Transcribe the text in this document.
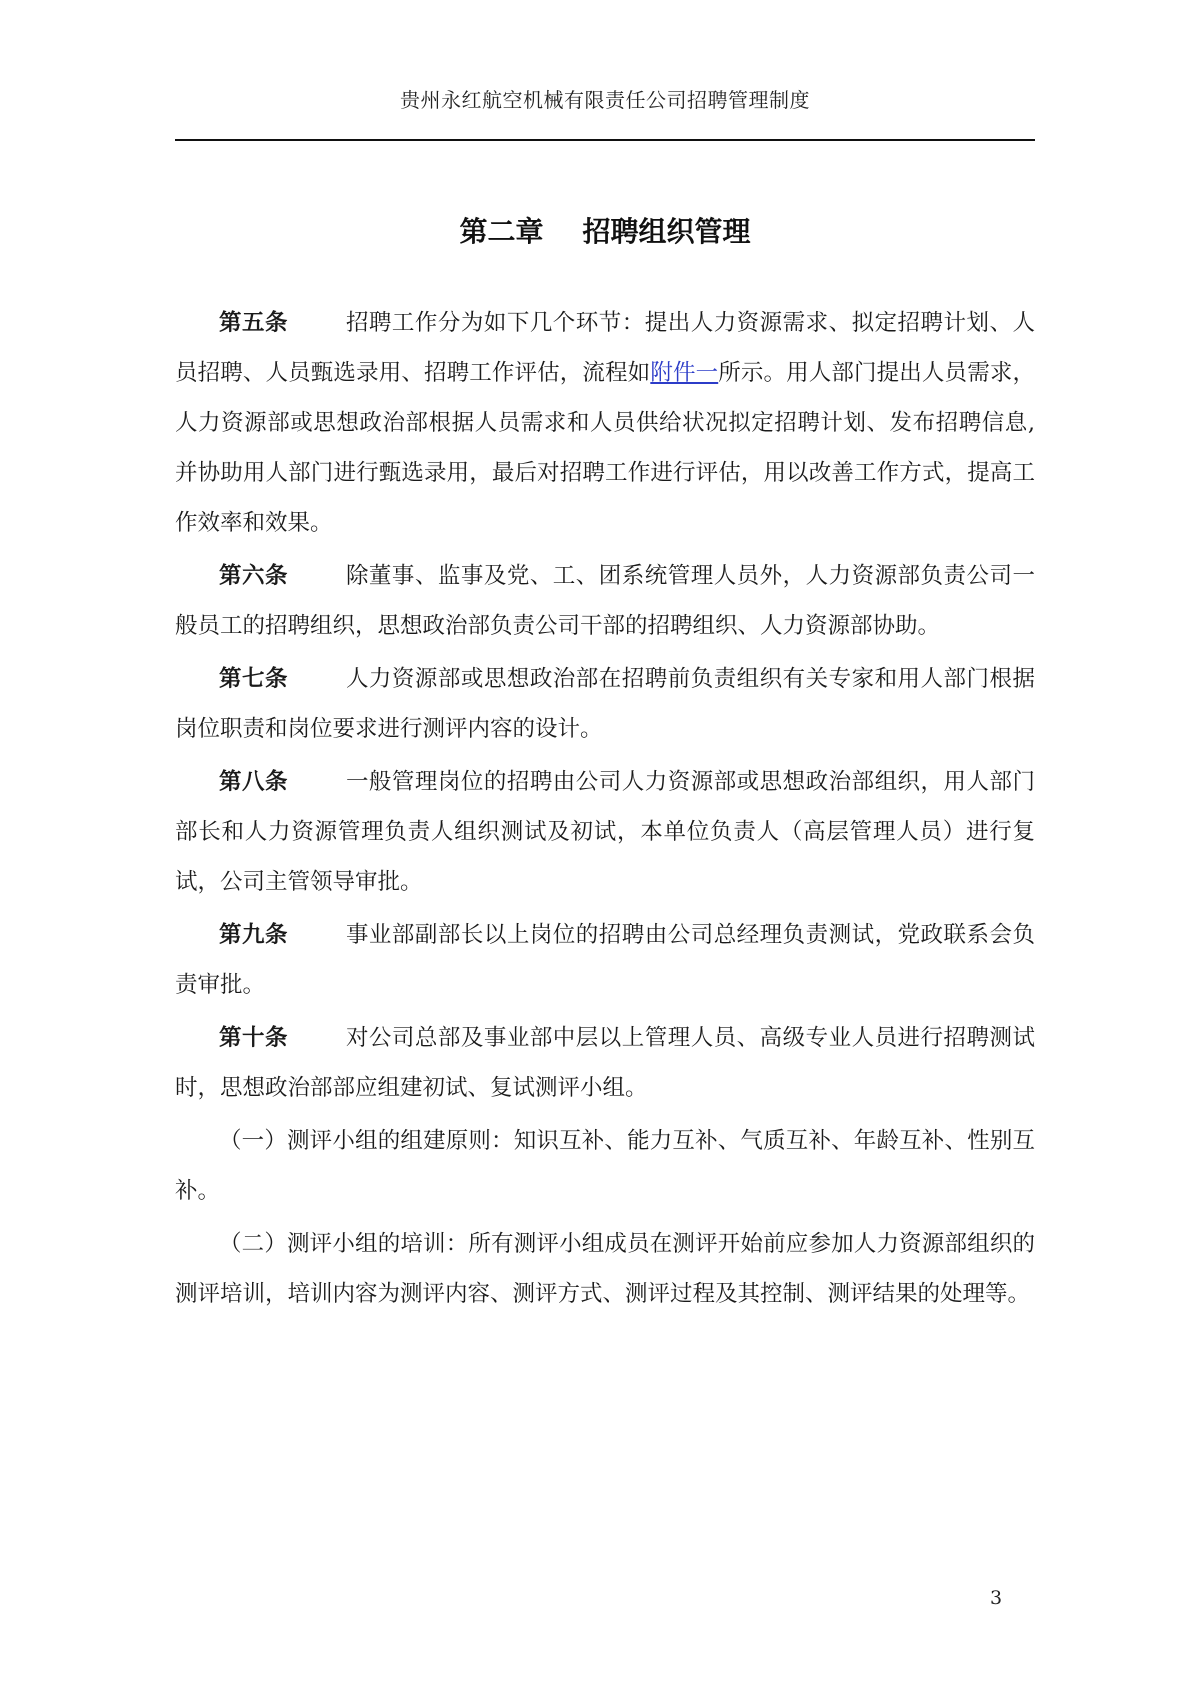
贵州永红航空机械有限责任公司招聘管理制度
第二章    招聘组织管理

第五条	招聘工作分为如下几个环节：提出人力资源需求、拟定招聘计划、人员招聘、人员甄选录用、招聘工作评估，流程如附件一所示。用人部门提出人员需求，人力资源部或思想政治部根据人员需求和人员供给状况拟定招聘计划、发布招聘信息,并协助用人部门进行甄选录用，最后对招聘工作进行评估，用以改善工作方式，提高工作效率和效果。

第六条	除董事、监事及党、工、团系统管理人员外，人力资源部负责公司一般员工的招聘组织，思想政治部负责公司干部的招聘组织、人力资源部协助。

第七条	人力资源部或思想政治部在招聘前负责组织有关专家和用人部门根据岗位职责和岗位要求进行测评内容的设计。

第八条	一般管理岗位的招聘由公司人力资源部或思想政治部组织，用人部门部长和人力资源管理负责人组织测试及初试，本单位负责人（高层管理人员）进行复试，公司主管领导审批。

第九条	事业部副部长以上岗位的招聘由公司总经理负责测试，党政联系会负责审批。

第十条	对公司总部及事业部中层以上管理人员、高级专业人员进行招聘测试时，思想政治部部应组建初试、复试测评小组。

（一）测评小组的组建原则：知识互补、能力互补、气质互补、年龄互补、性别互补。

（二）测评小组的培训：所有测评小组成员在测评开始前应参加人力资源部组织的测评培训，培训内容为测评内容、测评方式、测评过程及其控制、测评结果的处理等。

3
